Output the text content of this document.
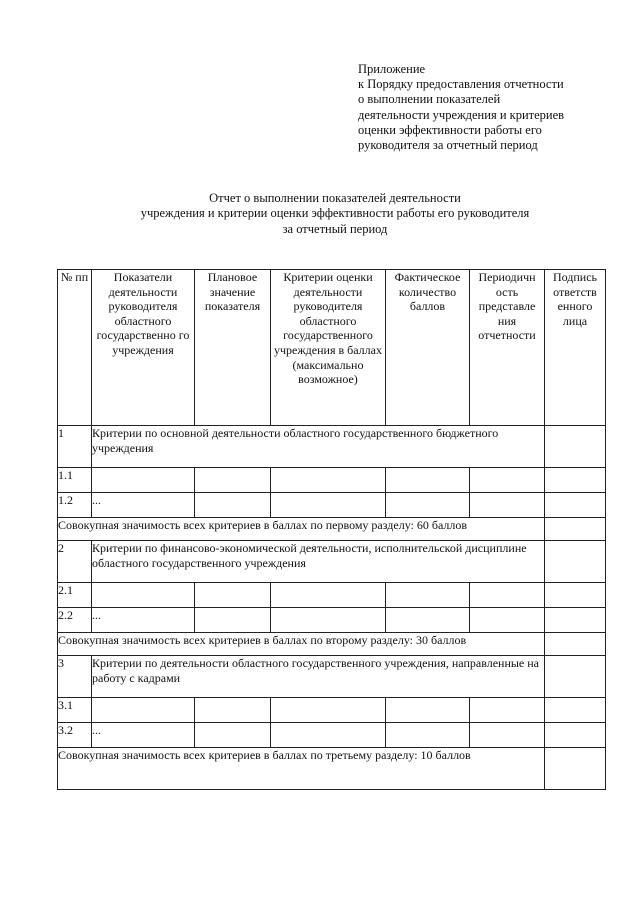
Приложение
к Порядку предоставления отчетности
о выполнении показателей
деятельности учреждения и критериев
оценки эффективности работы его
руководителя за отчетный период
Отчет о выполнении показателей деятельности
учреждения и критерии оценки эффективности работы его руководителя
за отчетный период
№ пп	Показатели деятельности руководителя областного государственно го учреждения	Плановое значение показателя	Критерии оценки деятельности руководителя областного государственного учреждения в баллах (максимально возможное)	Фактическое количество баллов	Периодичн ость представле ния отчетности	Подпись ответств енного лица

1	Критерии по основной деятельности областного государственного бюджетного учреждения					
1.1						
1.2	...					
Совокупная значимость всех критериев в баллах по первому разделу: 60 баллов						
2	Критерии по финансово-экономической деятельности, исполнительской дисциплине областного государственного учреждения					
2.1						
2.2	...					
Совокупная значимость всех критериев в баллах по второму разделу: 30 баллов						
3	Критерии по деятельности областного государственного учреждения, направленные на работу с кадрами					
3.1						
3.2	...					
Совокупная значимость всех критериев в баллах по третьему разделу: 10 баллов						
